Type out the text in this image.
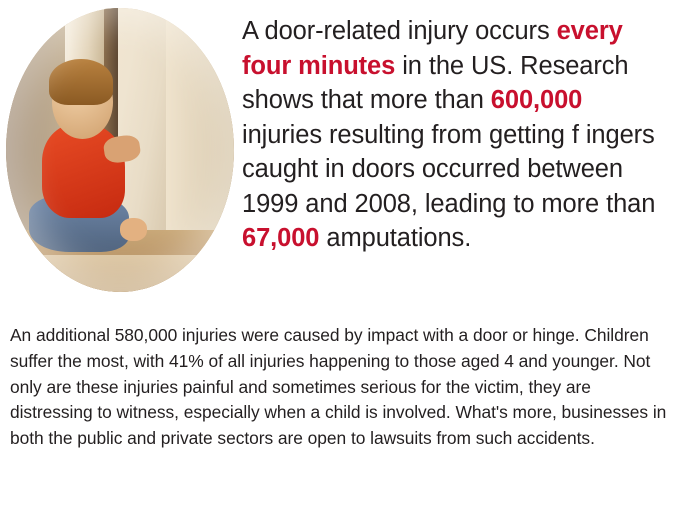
A door-related injury occurs every four minutes in the US. Research shows that more than 600,000 injuries resulting from getting f ingers caught in doors occurred between 1999 and 2008, leading to more than 67,000 amputations.

An additional 580,000 injuries were caused by impact with a door or hinge. Children suffer the most, with 41% of all injuries happening to those aged 4 and younger. Not only are these injuries painful and sometimes serious for the victim, they are distressing to witness, especially when a child is involved. What's more, businesses in both the public and private sectors are open to lawsuits from such accidents.
